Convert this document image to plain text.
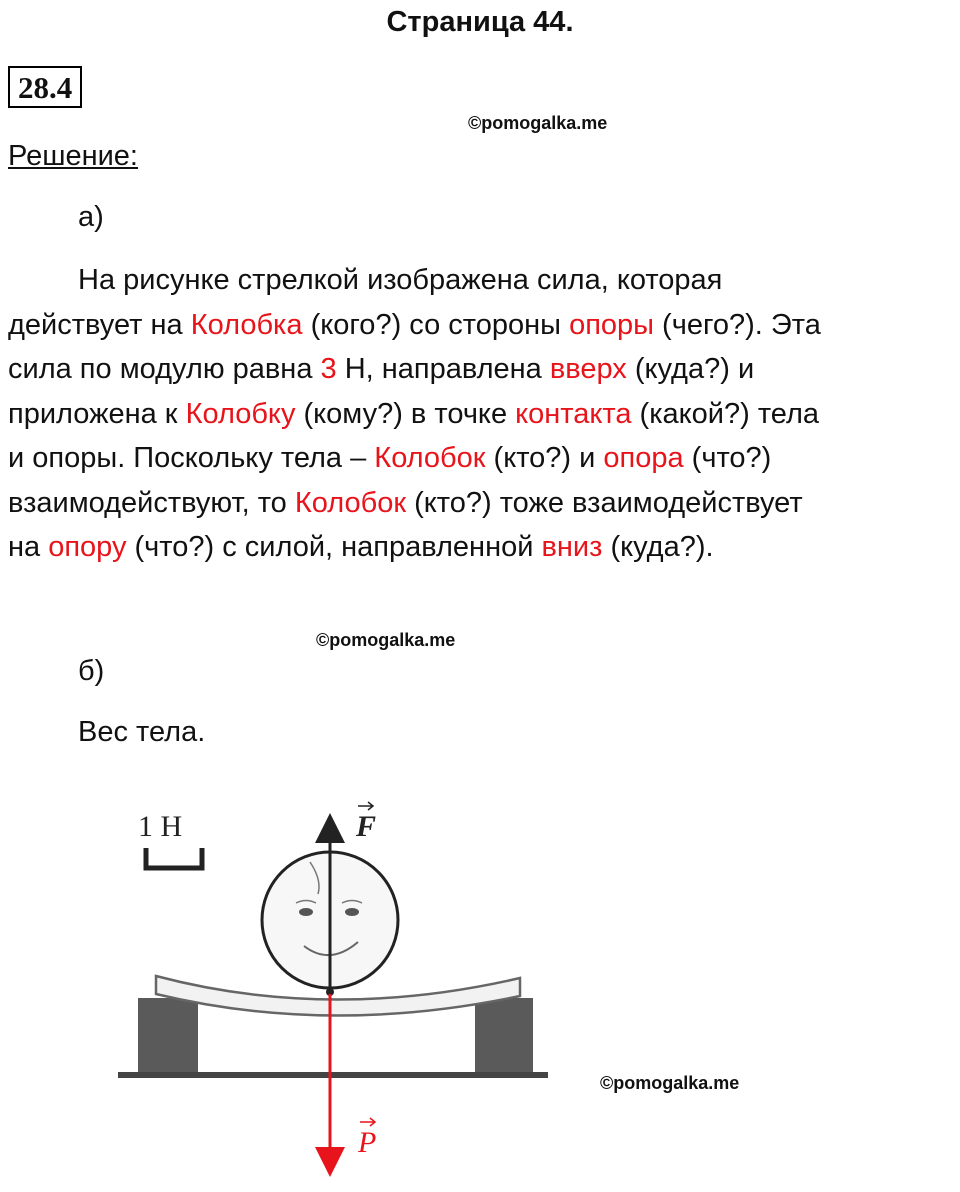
Страница 44.
28.4
©pomogalka.me
Решение:
а)
На рисунке стрелкой изображена сила, которая
действует на Колобка (кого?) со стороны опоры (чего?). Эта
сила по модулю равна 3 Н, направлена вверх (куда?) и
приложена к Колобку (кому?) в точке контакта (какой?) тела
и опоры. Поскольку тела – Колобок (кто?) и опора (что?)
взаимодействуют, то Колобок (кто?) тоже взаимодействует
на опору (что?) с силой, направленной вниз (куда?).
©pomogalka.me
б)
Вес тела.
1 Н	F
P
©pomogalka.me
